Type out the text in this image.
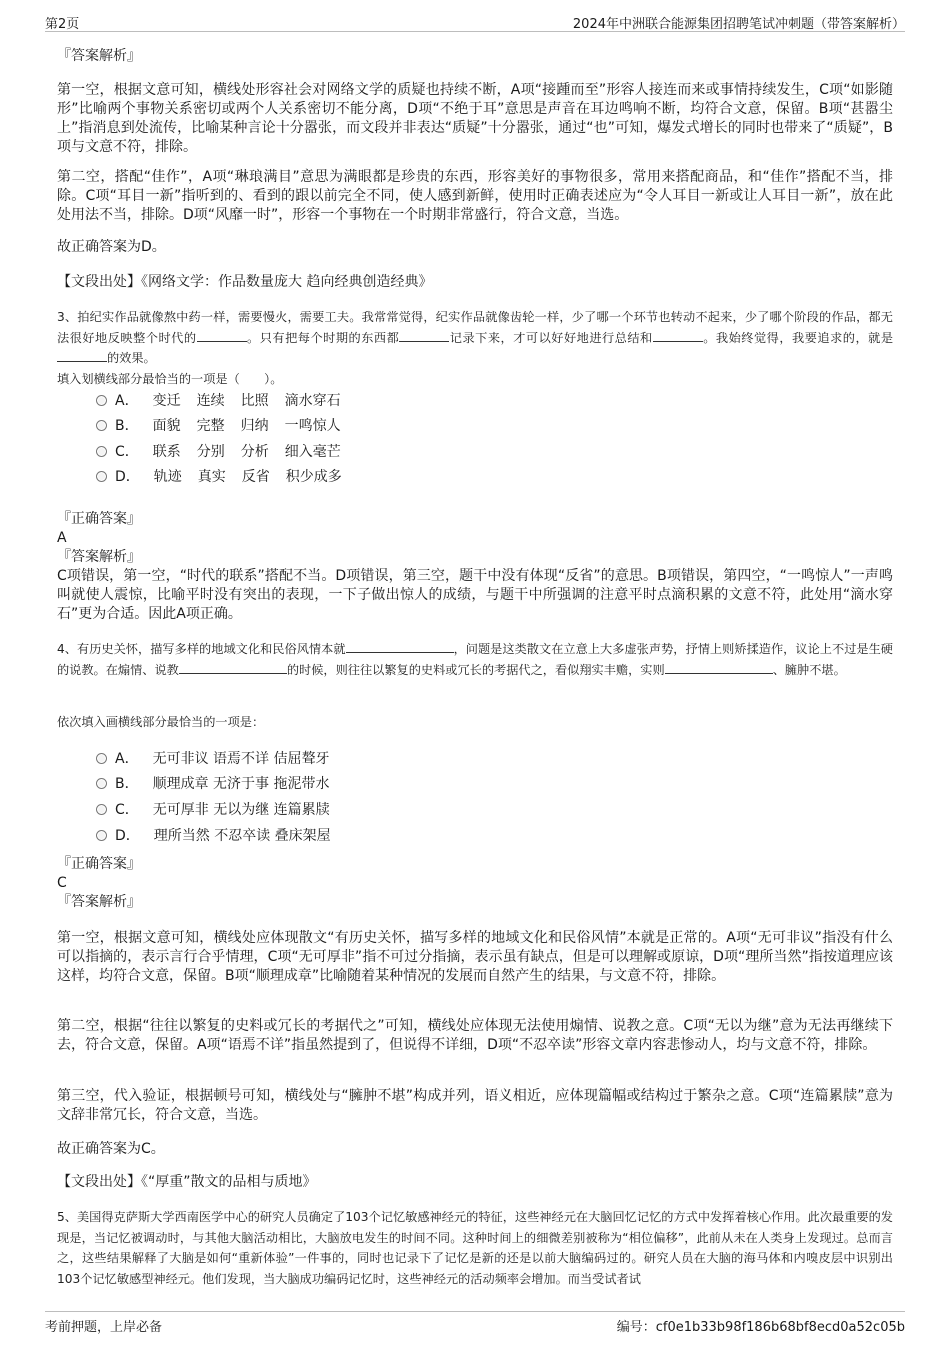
第2页	2024年中洲联合能源集团招聘笔试冲刺题（带答案解析）

『答案解析』

第一空，根据文意可知，横线处形容社会对网络文学的质疑也持续不断，A项“接踵而至”形容人接连而来或事情持续发生，C项“如影随形”比喻两个事物关系密切或两个人关系密切不能分离，D项“不绝于耳”意思是声音在耳边鸣响不断，均符合文意，保留。B项“甚嚣尘上”指消息到处流传，比喻某种言论十分嚣张，而文段并非表达“质疑”十分嚣张，通过“也”可知，爆发式增长的同时也带来了“质疑”，B项与文意不符，排除。

第二空，搭配“佳作”，A项“琳琅满目”意思为满眼都是珍贵的东西，形容美好的事物很多，常用来搭配商品，和“佳作”搭配不当，排除。C项“耳目一新”指听到的、看到的跟以前完全不同，使人感到新鲜，使用时正确表述应为“令人耳目一新或让人耳目一新”，放在此处用法不当，排除。D项“风靡一时”，形容一个事物在一个时期非常盛行，符合文意，当选。

故正确答案为D。

【文段出处】《网络文学：作品数量庞大 趋向经典创造经典》

3、拍纪实作品就像熬中药一样，需要慢火，需要工夫。我常常觉得，纪实作品就像齿轮一样，少了哪一个环节也转动不起来，少了哪个阶段的作品，都无法很好地反映整个时代的	。只有把每个时期的东西都	记录下来，才可以好好地进行总结和	。我始终觉得，我要追求的，就是的效果。

填入划横线部分最恰当的一项是（　　）。

A． 变迁 连续 比照 滴水穿石
B． 面貌 完整 归纳 一鸣惊人
C． 联系 分别 分析 细入毫芒
D． 轨迹 真实 反省 积少成多

『正确答案』

A

『答案解析』

C项错误，第一空，“时代的联系”搭配不当。D项错误，第三空，题干中没有体现“反省”的意思。B项错误，第四空，“一鸣惊人”一声鸣叫就使人震惊，比喻平时没有突出的表现，一下子做出惊人的成绩，与题干中所强调的注意平时点滴积累的文意不符，此处用“滴水穿石”更为合适。因此A项正确。

4、有历史关怀，描写多样的地域文化和民俗风情本就	，问题是这类散文在立意上大多虚张声势，抒情上则矫揉造作，议论上不过是生硬的说教。在煽情、说教	的时候，则往往以繁复的史料或冗长的考据代之，看似翔实丰赡，实则	、臃肿不堪。

依次填入画横线部分最恰当的一项是：

A． 无可非议 语焉不详 佶屈聱牙
B． 顺理成章 无济于事 拖泥带水
C． 无可厚非 无以为继 连篇累牍
D． 理所当然 不忍卒读 叠床架屋

『正确答案』

C

『答案解析』

第一空，根据文意可知，横线处应体现散文“有历史关怀，描写多样的地域文化和民俗风情”本就是正常的。A项“无可非议”指没有什么可以指摘的，表示言行合乎情理，C项“无可厚非”指不可过分指摘，表示虽有缺点，但是可以理解或原谅，D项“理所当然”指按道理应该这样，均符合文意，保留。B项“顺理成章”比喻随着某种情况的发展而自然产生的结果，与文意不符，排除。

第二空，根据“往往以繁复的史料或冗长的考据代之”可知，横线处应体现无法使用煽情、说教之意。C项“无以为继”意为无法再继续下去，符合文意，保留。A项“语焉不详”指虽然提到了，但说得不详细，D项“不忍卒读”形容文章内容悲惨动人，均与文意不符，排除。

第三空，代入验证，根据顿号可知，横线处与“臃肿不堪”构成并列，语义相近，应体现篇幅或结构过于繁杂之意。C项“连篇累牍”意为文辞非常冗长，符合文意，当选。

故正确答案为C。

【文段出处】《“厚重”散文的品相与质地》

5、美国得克萨斯大学西南医学中心的研究人员确定了103个记忆敏感神经元的特征，这些神经元在大脑回忆记忆的方式中发挥着核心作用。此次最重要的发现是，当记忆被调动时，与其他大脑活动相比，大脑放电发生的时间不同。这种时间上的细微差别被称为“相位偏移”，此前从未在人类身上发现过。总而言之，这些结果解释了大脑是如何“重新体验”一件事的，同时也记录下了记忆是新的还是以前大脑编码过的。研究人员在大脑的海马体和内嗅皮层中识别出103个记忆敏感型神经元。他们发现，当大脑成功编码记忆时，这些神经元的活动频率会增加。而当受试者试

考前押题，上岸必备	编号：cf0e1b33b98f186b68bf8ecd0a52c05b
